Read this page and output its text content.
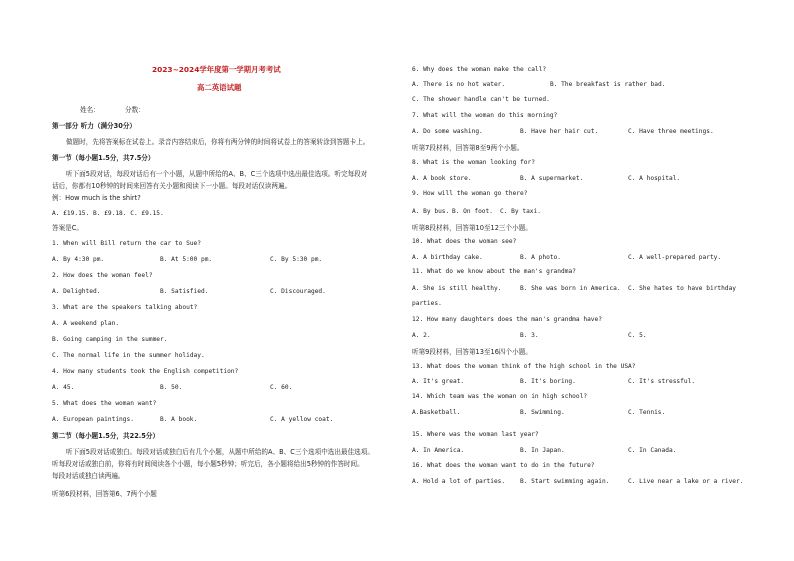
2023~2024学年度第一学期月考考试
高二英语试题
姓名：	分数：
第一部分 听力（满分30分）
做题时，先将答案标在试卷上。录音内容结束后，你将有两分钟的时间将试卷上的答案转涂到答题卡上。
第一节（每小题1.5分，共7.5分）
听下面5段对话，每段对话后有一个小题，从题中所给的A、B、C三个选项中选出最佳选项。听完每段对
话后，你都有10秒钟的时间来回答有关小题和阅读下一小题。每段对话仅读两遍。
例：How much is the shirt?
A. £19.15. B. £9.18. C. £9.15.
答案是C。
1. When will Bill return the car to Sue?
A. By 4:30 pm.	B. At 5:00 pm.	C. By 5:30 pm.
2. How does the woman feel?
A. Delighted.	B. Satisfied.	C. Discouraged.
3. What are the speakers talking about?
A. A weekend plan.
B. Going camping in the summer.
C. The normal life in the summer holiday.
4. How many students took the English competition?
A. 45.	B. 50.	C. 60.
5. What does the woman want?
A. European paintings.	B. A book.	C. A yellow coat.
第二节（每小题1.5分，共22.5分）
听下面5段对话或独白。每段对话或独白后有几个小题，从题中所给的A、B、C三个选项中选出最佳选项。
听每段对话或独白前，你将有时间阅读各个小题，每小题5秒钟；听完后，各小题将给出5秒钟的作答时间。
每段对话或独白读两遍。
听第6段材料，回答第6、7两个小题
6. Why does the woman make the call?
A. There is no hot water.	B. The breakfast is rather bad.
C. The shower handle can't be turned.
7. What will the woman do this morning?
A. Do some washing.	B. Have her hair cut.	C. Have three meetings.
听第7段材料，回答第8至9两个小题。
8. What is the woman looking for?
A. A book store.	B. A supermarket.	C. A hospital.
9. How will the woman go there?
A. By bus. B. On foot. C. By taxi.
听第8段材料，回答第10至12三个小题。
10. What does the woman see?
A. A birthday cake.	B. A photo.	C. A well-prepared party.
11. What do we know about the man's grandma?
A. She is still healthy.	B. She was born in America. C. She hates to have birthday
parties.
12. How many daughters does the man's grandma have?
A. 2.	B. 3.	C. 5.
听第9段材料，回答第13至16四个小题。
13. What does the woman think of the high school in the USA?
A. It's great.	B. It's boring.	C. It's stressful.
14. Which team was the woman on in high school?
A.Basketball.	B. Swimming.	C. Tennis.
15. Where was the woman last year?
A. In America.	B. In Japan.	C. In Canada.
16. What does the woman want to do in the future?
A. Hold a lot of parties. B. Start swimming again.	C. Live near a lake or a river.
